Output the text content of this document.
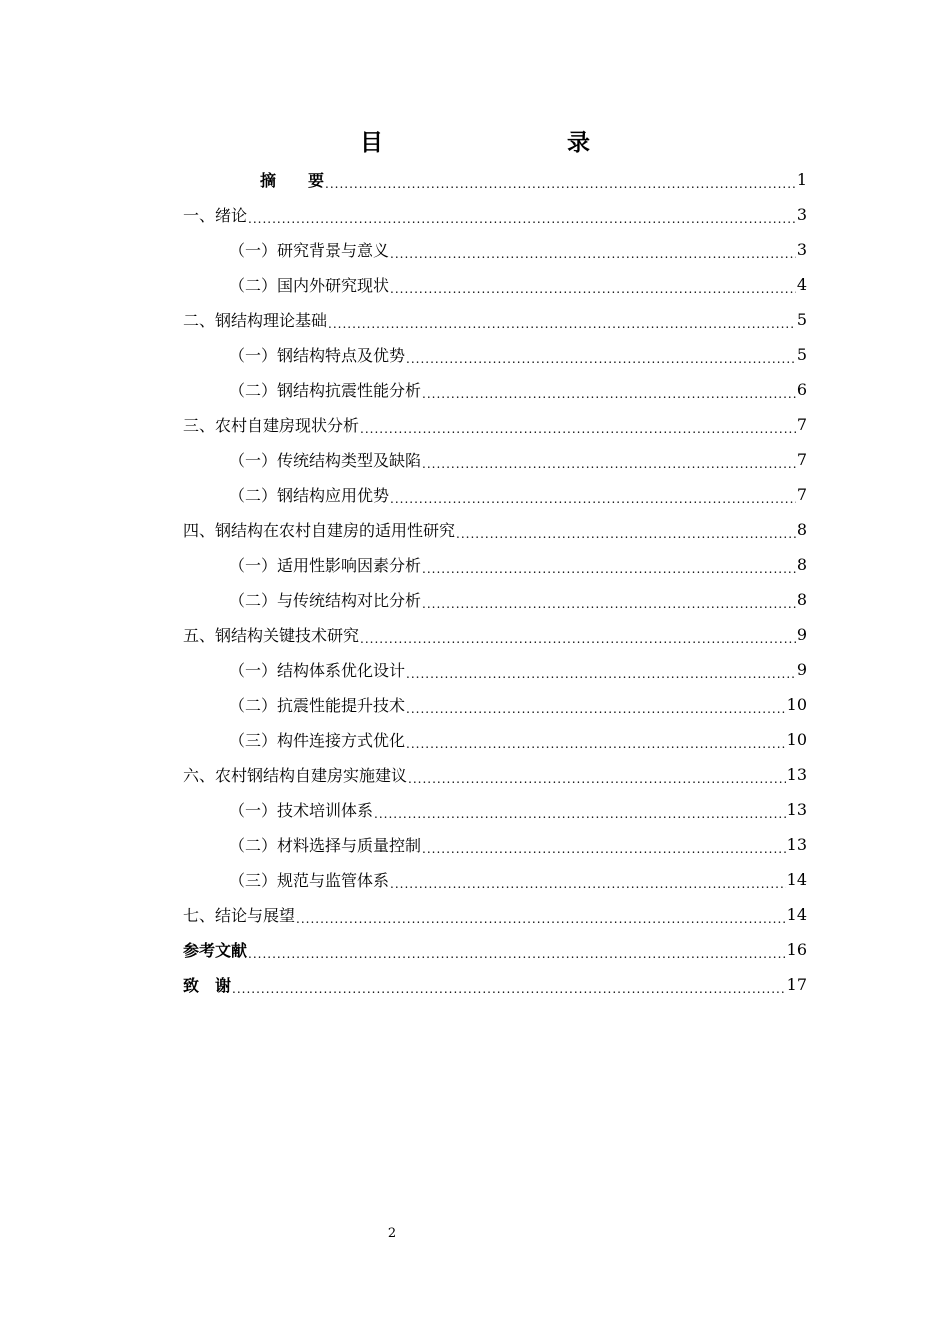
目　　录
摘　　要 .....	1
一、绪论 .....	3
（一）研究背景与意义 .....	3
（二）国内外研究现状 .....	4
二、钢结构理论基础 .....	5
（一）钢结构特点及优势 .....	5
（二）钢结构抗震性能分析 .....	6
三、农村自建房现状分析 .....	7
（一）传统结构类型及缺陷 .....	7
（二）钢结构应用优势 .....	7
四、钢结构在农村自建房的适用性研究 .....	8
（一）适用性影响因素分析 .....	8
（二）与传统结构对比分析 .....	8
五、钢结构关键技术研究 .....	9
（一）结构体系优化设计 .....	9
（二）抗震性能提升技术 .....	10
（三）构件连接方式优化 .....	10
六、农村钢结构自建房实施建议 .....	13
（一）技术培训体系 .....	13
（二）材料选择与质量控制 .....	13
（三）规范与监管体系 .....	14
七、结论与展望 .....	14
参考文献 .....	16
致　谢 .....	17
2
